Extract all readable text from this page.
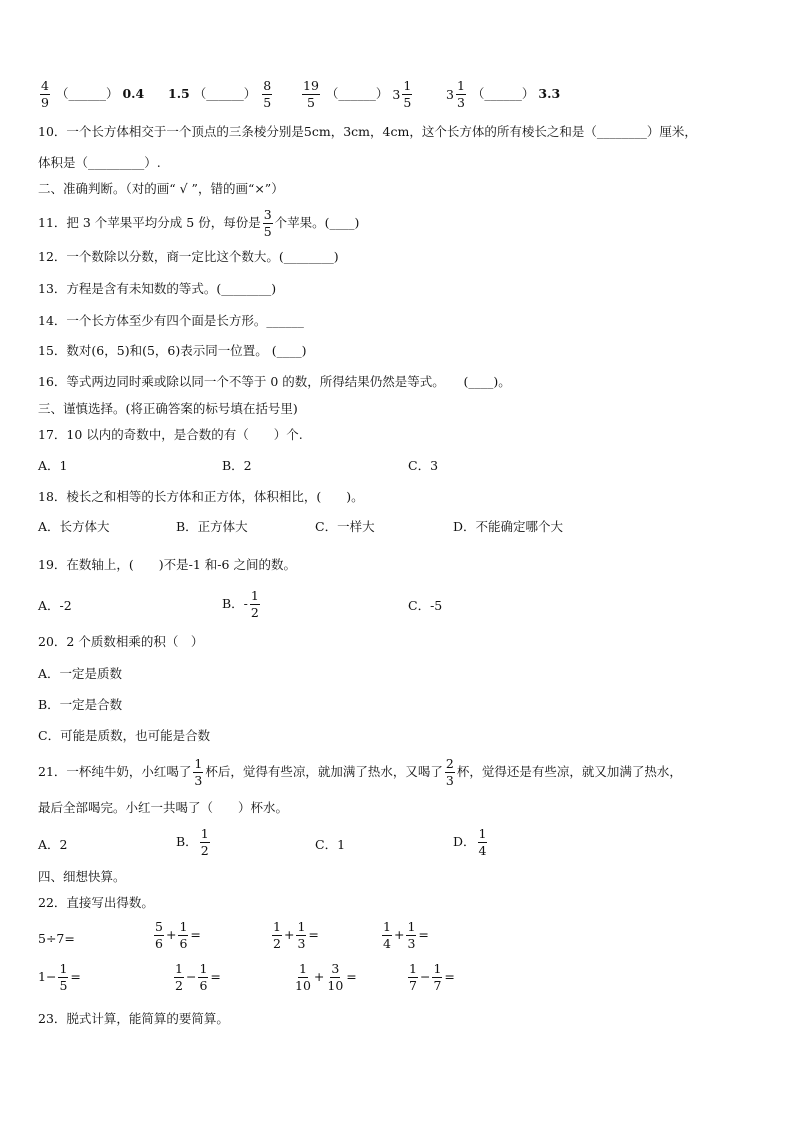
$\frac{4}{9}$ （______） 0.4 1.5 （______） $\frac{8}{5} \frac{19}{5}$ （______） $3 \frac{1}{5}$	$3 \frac{1}{3}$ （______） 3.3
10．一个长方体相交于一个顶点的三条棱分别是5cm，3cm，4cm，这个长方体的所有棱长之和是（________）厘米，
体积是（_________）.
二、准确判断。（对的画“ √ ”，错的画“×”）
11．把 3 个苹果平均分成 5 份，每份是 $\frac{3}{5}$ 个苹果。(____)
12．一个数除以分数，商一定比这个数大。(________)
13．方程是含有未知数的等式。(________)
14．一个长方体至少有四个面是长方形。______
15．数对(6，5)和(5，6)表示同一位置。 (____)
16．等式两边同时乘或除以同一个不等于 0 的数，所得结果仍然是等式。　　(____)。
三、谨慎选择。(将正确答案的标号填在括号里)
17．10 以内的奇数中，是合数的有（　　）个.
A．1	B．2	C．3
18．棱长之和相等的长方体和正方体，体积相比，(　　)。
A．长方体大	B．正方体大	C．一样大	D．不能确定哪个大
19．在数轴上，(　　)不是-1 和-6 之间的数。
A．-2	B．- $\frac{1}{2}$	C．-5
20．2 个质数相乘的积（　）
A．一定是质数
B．一定是合数
C．可能是质数，也可能是合数
21．一杯纯牛奶，小红喝了 $\frac{1}{3}$ 杯后，觉得有些凉，就加满了热水，又喝了 $\frac{2}{3}$ 杯，觉得还是有些凉，就又加满了热水，
最后全部喝完。小红一共喝了（　　）杯水。
A．2	B． $\frac{1}{2}$	C．1	D． $\frac{1}{4}$
四、细想快算。
22．直接写出得数。
5÷7=	$\frac{5}{6} + \frac{1}{6}$ =	$\frac{1}{2} + \frac{1}{3}$ =	$\frac{1}{4} + \frac{1}{3}$ =
$1- \frac{1}{5}$ =	$\frac{1}{2} - \frac{1}{6}$ =	$\frac{1}{10} + \frac{3}{10}$ =	$\frac{1}{7} - \frac{1}{7}$ =
23．脱式计算，能简算的要简算。
